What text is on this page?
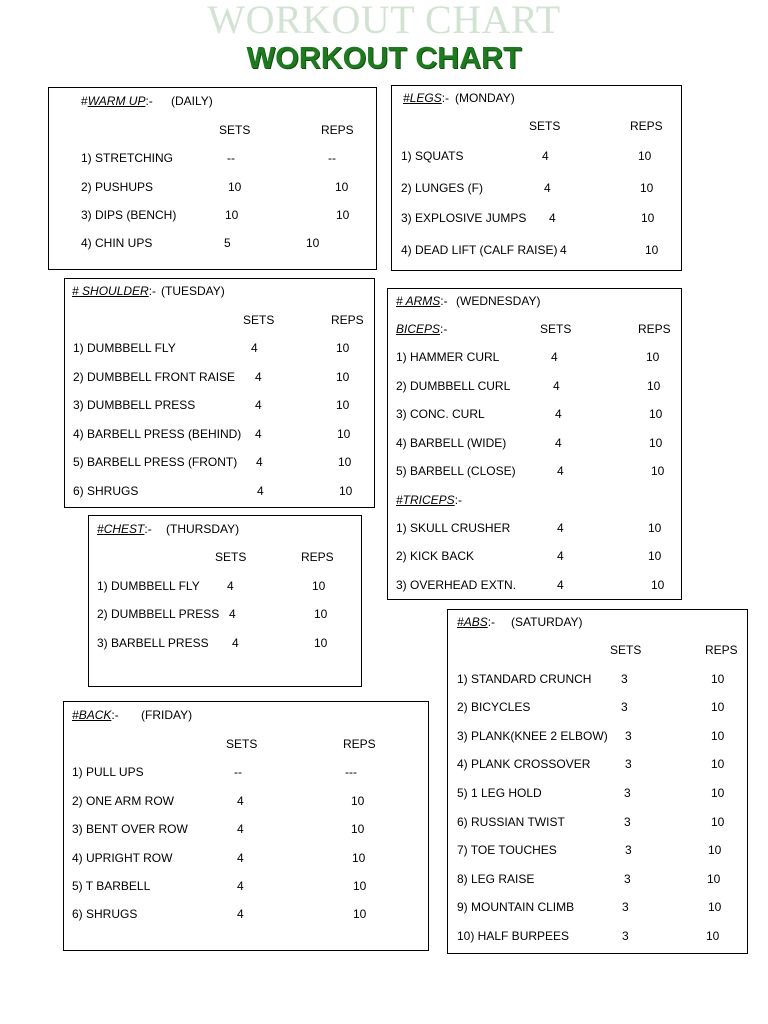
WORKOUT CHART
WORKOUT CHART
#WARM UP:- (DAILY)
SETS	REPS
1) STRETCHING	--	--
2) PUSHUPS	10	10
3) DIPS (BENCH)	10	10
4) CHIN UPS	5	10
#LEGS:- (MONDAY)
SETS	REPS
1) SQUATS	4	10
2) LUNGES (F)	4	10
3) EXPLOSIVE JUMPS 4	10
4) DEAD LIFT (CALF RAISE) 4	10
# SHOULDER:- (TUESDAY)
SETS	REPS
1) DUMBBELL FLY	4	10
2) DUMBBELL FRONT RAISE 4	10
3) DUMBBELL PRESS	4	10
4) BARBELL PRESS (BEHIND) 4	10
5) BARBELL PRESS (FRONT) 4	10
6) SHRUGS	4	10
# ARMS:- (WEDNESDAY)
BICEPS:-	SETS	REPS
1) HAMMER CURL	4	10
2) DUMBBELL CURL	4	10
3) CONC. CURL	4	10
4) BARBELL (WIDE)	4	10
5) BARBELL (CLOSE)	4	10
#TRICEPS:-
1) SKULL CRUSHER	4	10
2) KICK BACK	4	10
3) OVERHEAD EXTN.	4	10
#CHEST:- (THURSDAY)
SETS	REPS
1) DUMBBELL FLY 4	10
2) DUMBBELL PRESS 4	10
3) BARBELL PRESS 4	10
#ABS:- (SATURDAY)
SETS	REPS
1) STANDARD CRUNCH 3	10
2) BICYCLES	3	10
3) PLANK(KNEE 2 ELBOW) 3	10
4) PLANK CROSSOVER	3	10
5) 1 LEG HOLD	3	10
6) RUSSIAN TWIST	3	10
7) TOE TOUCHES	3	10
8) LEG RAISE	3	10
9) MOUNTAIN CLIMB	3	10
10) HALF BURPEES	3	10
#BACK:- (FRIDAY)
SETS	REPS
1) PULL UPS	--	---
2) ONE ARM ROW	4	10
3) BENT OVER ROW	4	10
4) UPRIGHT ROW	4	10
5) T BARBELL	4	10
6) SHRUGS	4	10
